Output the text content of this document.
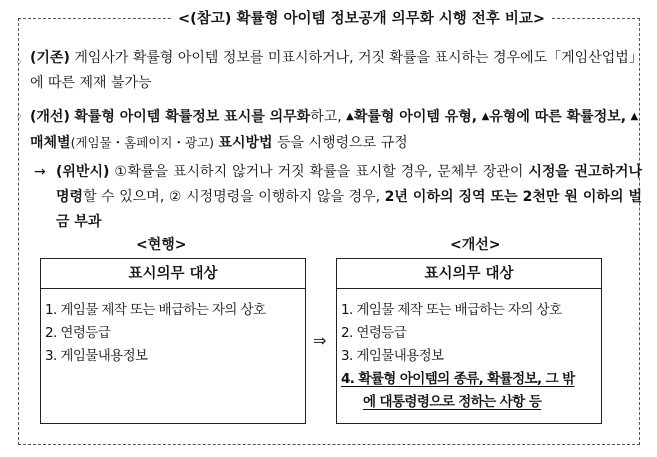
<(참고) 확률형 아이템 정보공개 의무화 시행 전후 비교>
◦ (기존) 게임사가 확률형 아이템 정보를 미표시하거나, 거짓 확률을 표시하는 경우에도「게임산업법」에 따른 제재 불가능
◦ (개선) 확률형 아이템 확률정보 표시를 의무화하고, ▲확률형 아이템 유형, ▲유형에 따른 확률정보, ▲매체별(게임물・홈페이지・광고) 표시방법 등을 시행령으로 규정
→ (위반시) ①확률을 표시하지 않거나 거짓 확률을 표시할 경우, 문체부 장관이 시정을 권고하거나 명령할 수 있으며, ② 시정명령을 이행하지 않을 경우, 2년 이하의 징역 또는 2천만 원 이하의 벌금 부과
<현행>	<개선>
표시의무 대상
1. 게임물 제작 또는 배급하는 자의 상호
2. 연령등급
3. 게임물내용정보
⇒
표시의무 대상
1. 게임물 제작 또는 배급하는 자의 상호
2. 연령등급
3. 게임물내용정보
4. 확률형 아이템의 종류, 확률정보, 그 밖
에 대통령령으로 정하는 사항 등
